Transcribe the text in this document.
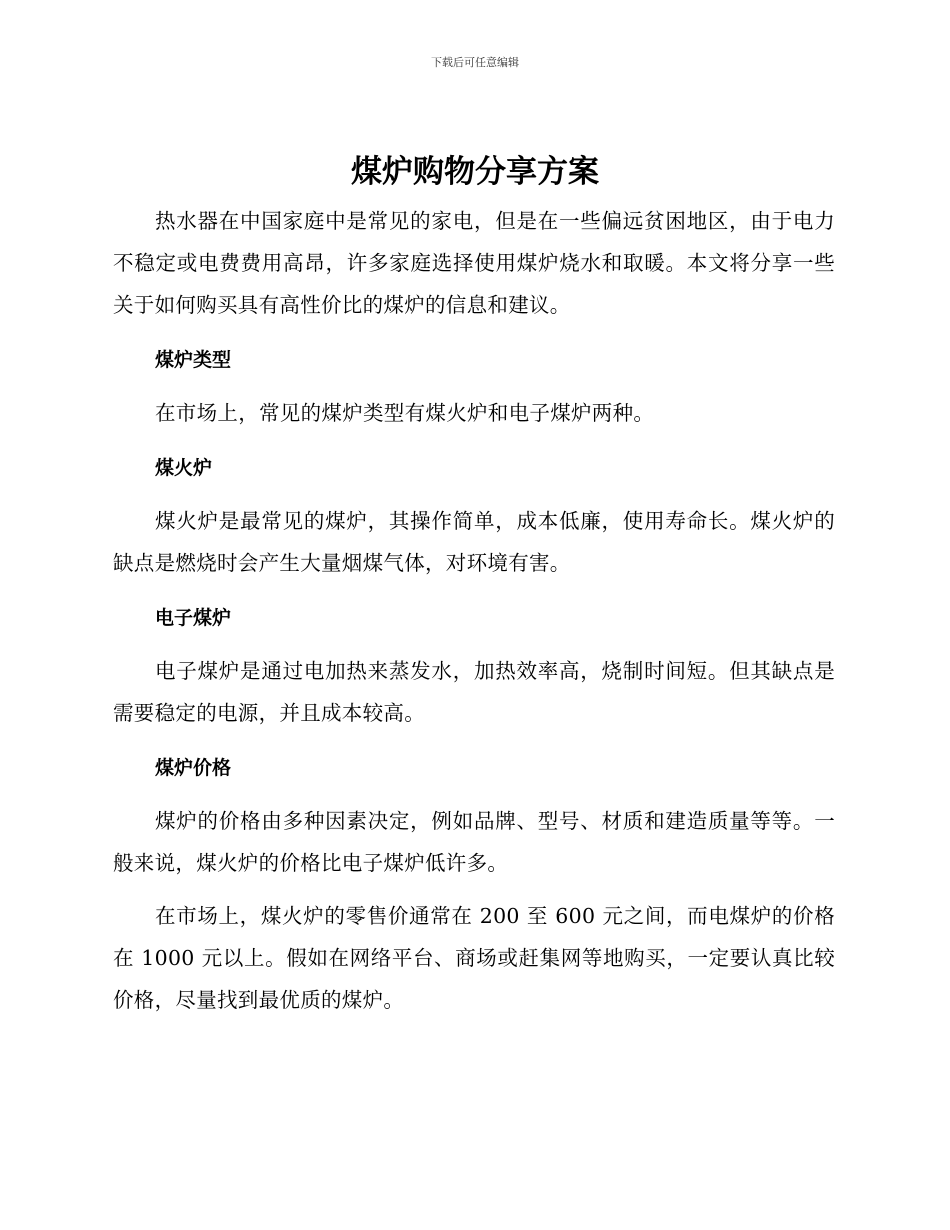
下载后可任意编辑
煤炉购物分享方案

热水器在中国家庭中是常见的家电，但是在一些偏远贫困地区，由于电力不稳定或电费费用高昂，许多家庭选择使用煤炉烧水和取暖。本文将分享一些关于如何购买具有高性价比的煤炉的信息和建议。

煤炉类型

在市场上，常见的煤炉类型有煤火炉和电子煤炉两种。

煤火炉

煤火炉是最常见的煤炉，其操作简单，成本低廉，使用寿命长。煤火炉的缺点是燃烧时会产生大量烟煤气体，对环境有害。

电子煤炉

电子煤炉是通过电加热来蒸发水，加热效率高，烧制时间短。但其缺点是需要稳定的电源，并且成本较高。

煤炉价格

煤炉的价格由多种因素决定，例如品牌、型号、材质和建造质量等等。一般来说，煤火炉的价格比电子煤炉低许多。

在市场上，煤火炉的零售价通常在 200 至 600 元之间，而电煤炉的价格在 1000 元以上。假如在网络平台、商场或赶集网等地购买，一定要认真比较价格，尽量找到最优质的煤炉。
